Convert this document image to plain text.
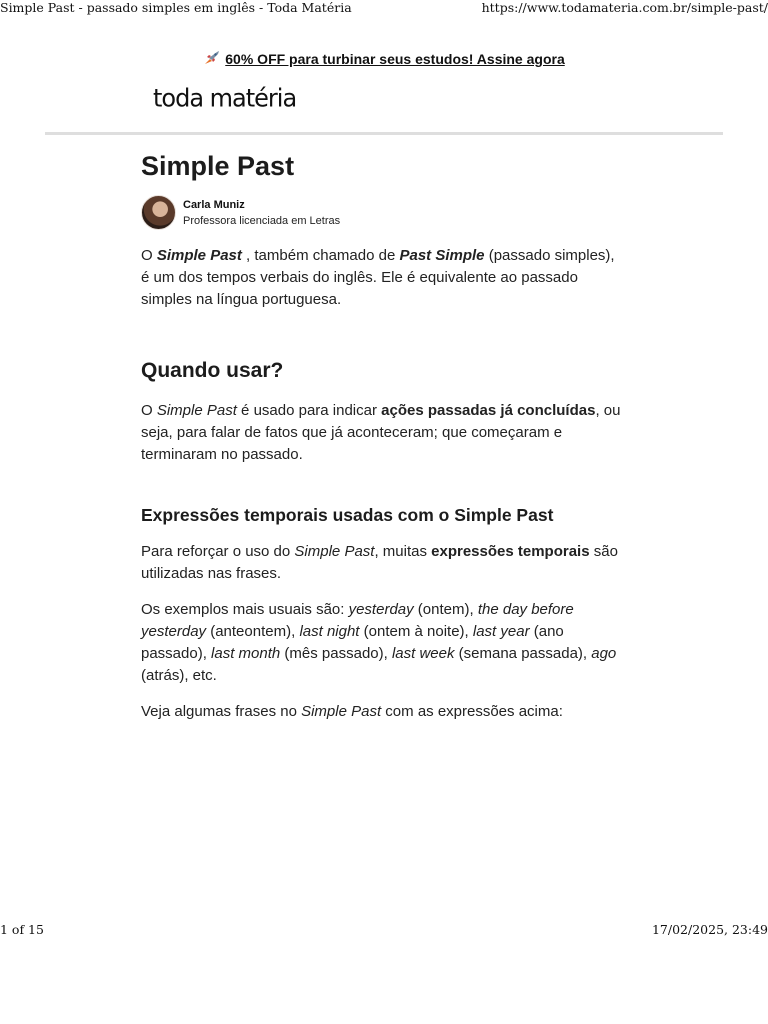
Simple Past - passado simples em inglês - Toda Matéria	https://www.todamateria.com.br/simple-past/
60% OFF para turbinar seus estudos! Assine agora
toda matéria
Simple Past
Carla Muniz
Professora licenciada em Letras

O Simple Past , também chamado de Past Simple (passado simples), é um dos tempos verbais do inglês. Ele é equivalente ao passado simples na língua portuguesa.

Quando usar?

O Simple Past é usado para indicar ações passadas já concluídas, ou seja, para falar de fatos que já aconteceram; que começaram e terminaram no passado.

Expressões temporais usadas com o Simple Past

Para reforçar o uso do Simple Past, muitas expressões temporais são utilizadas nas frases.

Os exemplos mais usuais são: yesterday (ontem), the day before yesterday (anteontem), last night (ontem à noite), last year (ano passado), last month (mês passado), last week (semana passada), ago (atrás), etc.

Veja algumas frases no Simple Past com as expressões acima:

1 of 15	17/02/2025, 23:49
